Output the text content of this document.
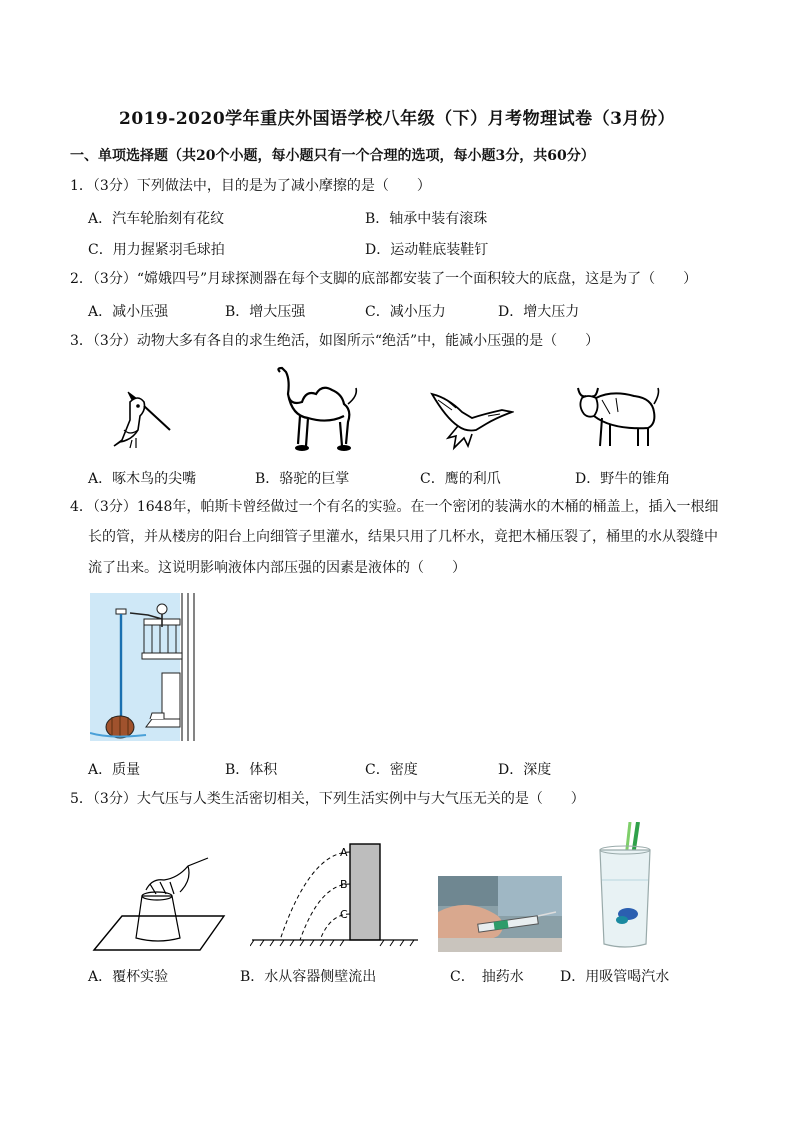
2019-2020学年重庆外国语学校八年级（下）月考物理试卷（3月份）
一、单项选择题（共20个小题，每小题只有一个合理的选项，每小题3分，共60分）
1．（3分）下列做法中，目的是为了减小摩擦的是（　　）
A．汽车轮胎刻有花纹	B．轴承中装有滚珠
C．用力握紧羽毛球拍	D．运动鞋底装鞋钉
2．（3分）“嫦娥四号”月球探测器在每个支脚的底部都安装了一个面积较大的底盘，这是为了（　　）
A．减小压强	B．增大压强	C．减小压力	D．增大压力
3．（3分）动物大多有各自的求生绝活，如图所示“绝活”中，能减小压强的是（　　）
A．啄木鸟的尖嘴	B．骆驼的巨掌	C．鹰的利爪	D．野牛的锥角
4．（3分）1648年，帕斯卡曾经做过一个有名的实验。在一个密闭的装满水的木桶的桶盖上，插入一根细
长的管，并从楼房的阳台上向细管子里灌水，结果只用了几杯水，竟把木桶压裂了，桶里的水从裂缝中
流了出来。这说明影响液体内部压强的因素是液体的（　　）
A．质量	B．体积	C．密度	D．深度
5．（3分）大气压与人类生活密切相关，下列生活实例中与大气压无关的是（　　）
A
B
C
A．覆杯实验	B．水从容器侧壁流出	C．　抽药水	D．用吸管喝汽水
